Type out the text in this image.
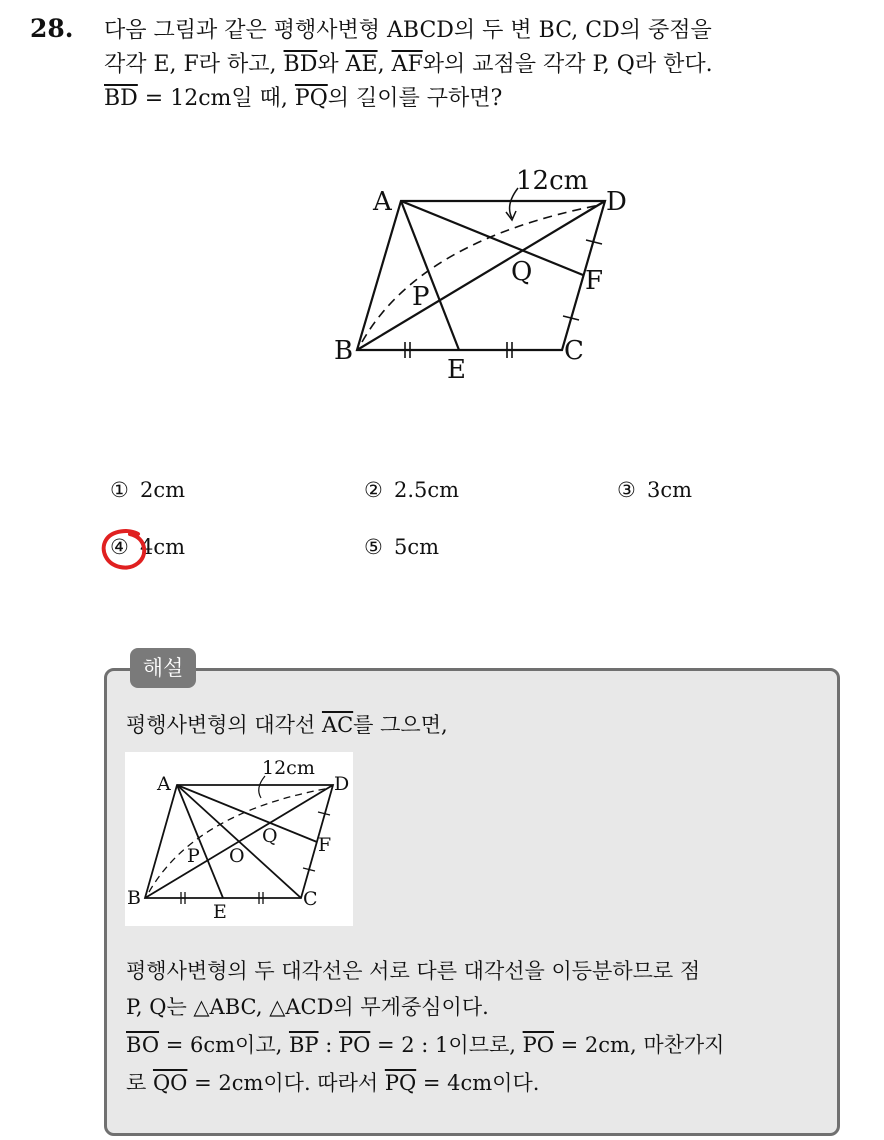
28. 다음 그림과 같은 평행사변형 ABCD의 두 변 BC, CD의 중점을
각각 E, F라 하고, $\overline{BD}$와 $\overline{AE}$, $\overline{AF}$와의 교점을 각각 P, Q라 한다.
$\overline{BD} = 12cm$일 때, $\overline{PQ}$의 길이를 구하면?
12cm
A	D
B	C
E
F
P
Q
① 2cm	② 2.5cm	③ 3cm
④ 4cm	⑤ 5cm
해설
평행사변형의 대각선 $\overline{AC}$를 그으면,
12cm
A	D
B	C
E
F
P O
Q
평행사변형의 두 대각선은 서로 다른 대각선을 이등분하므로 점
P, Q는 △ABC, △ACD의 무게중심이다.
$\overline{BO} = 6cm$이고, $\overline{BP}$ : $\overline{PO} = 2$ : 1이므로, $\overline{PO} = 2cm$, 마찬가지
로 $\overline{QO} = 2cm$이다. 따라서 $\overline{PQ} = 4cm$이다.
